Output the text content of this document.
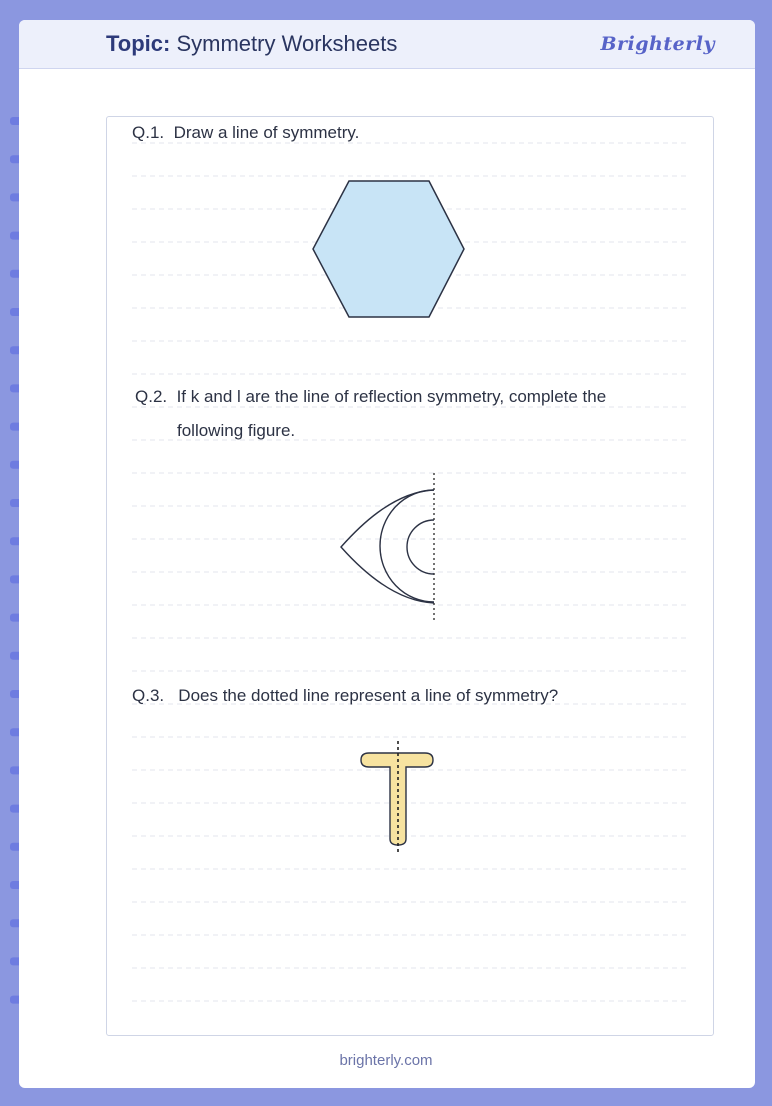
Topic: Symmetry Worksheets	Brighterly
Q.1. Draw a line of symmetry.
Q.2. If k and l are the line of reflection symmetry, complete the
following figure.
Q.3. Does the dotted line represent a line of symmetry?
brighterly.com
